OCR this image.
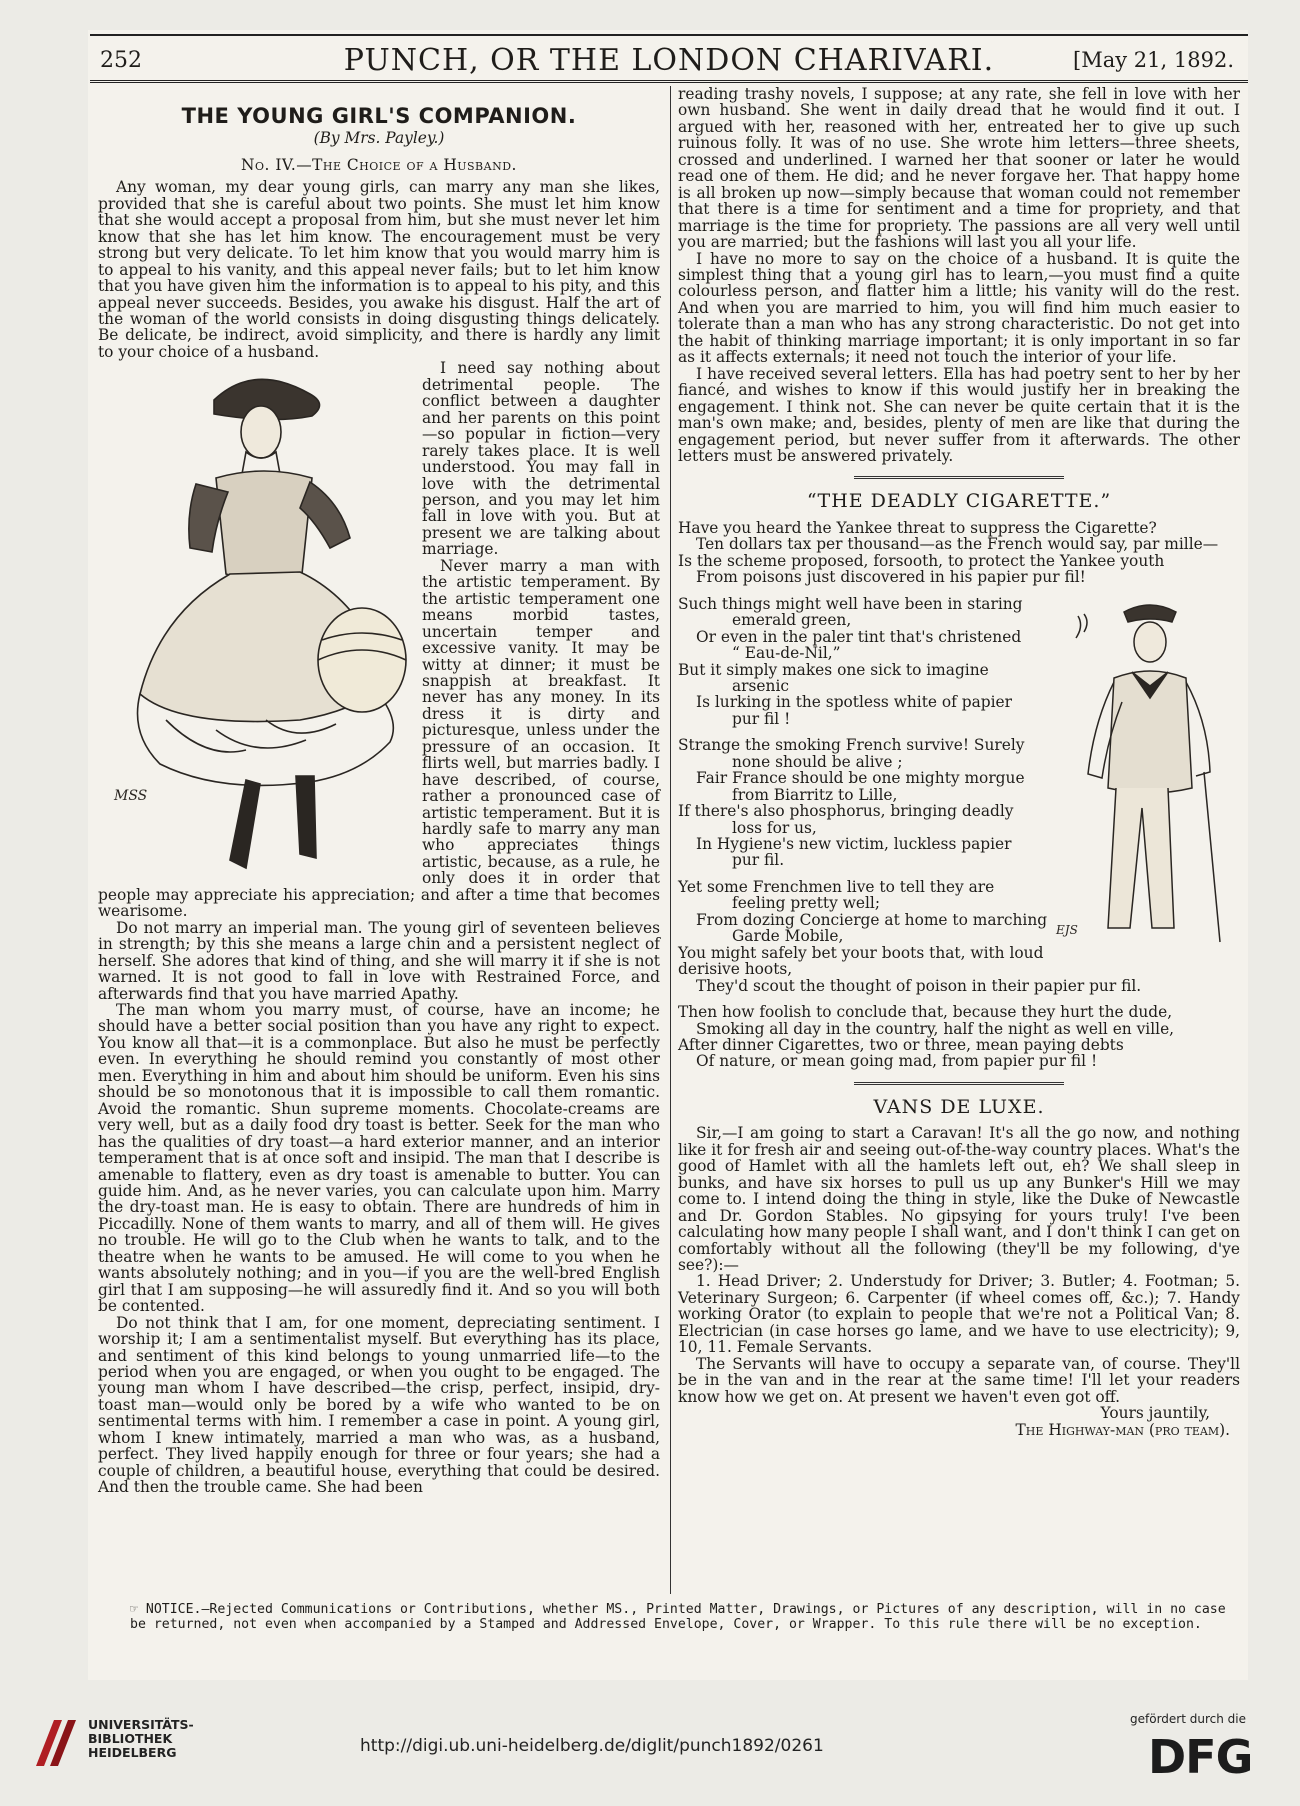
252	PUNCH, OR THE LONDON CHARIVARI.	[May 21, 1892.
THE YOUNG GIRL'S COMPANION.
(By Mrs. Payley.)
No. IV.—The Choice of a Husband.

Any woman, my dear young girls, can marry any man she likes, provided that she is careful about two points. She must let him know that she would accept a proposal from him, but she must never let him know that she has let him know. The encouragement must be very strong but very delicate. To let him know that you would marry him is to appeal to his vanity, and this appeal never fails; but to let him know that you have given him the information is to appeal to his pity, and this appeal never succeeds. Besides, you awake his disgust. Half the art of the woman of the world consists in doing disgusting things delicately. Be delicate, be indirect, avoid simplicity, and there is hardly any limit to your choice of a husband.

MSS

I need say nothing about detrimental people. The conflict between a daughter and her parents on this point—so popular in fiction—very rarely takes place. It is well understood. You may fall in love with the detrimental person, and you may let him fall in love with you. But at present we are talking about marriage.

Never marry a man with the artistic temperament. By the artistic temperament one means morbid tastes, uncertain temper and excessive vanity. It may be witty at dinner; it must be snappish at breakfast. It never has any money. In its dress it is dirty and picturesque, unless under the pressure of an occasion. It flirts well, but marries badly. I have described, of course, rather a pronounced case of artistic temperament. But it is hardly safe to marry any man who appreciates things artistic, because, as a rule, he only does it in order that people may appreciate his appreciation; and after a time that becomes wearisome.

Do not marry an imperial man. The young girl of seventeen believes in strength; by this she means a large chin and a persistent neglect of herself. She adores that kind of thing, and she will marry it if she is not warned. It is not good to fall in love with Restrained Force, and afterwards find that you have married Apathy.

The man whom you marry must, of course, have an income; he should have a better social position than you have any right to expect. You know all that—it is a commonplace. But also he must be perfectly even. In everything he should remind you constantly of most other men. Everything in him and about him should be uniform. Even his sins should be so monotonous that it is impossible to call them romantic. Avoid the romantic. Shun supreme moments. Chocolate-creams are very well, but as a daily food dry toast is better. Seek for the man who has the qualities of dry toast—a hard exterior manner, and an interior temperament that is at once soft and insipid. The man that I describe is amenable to flattery, even as dry toast is amenable to butter. You can guide him. And, as he never varies, you can calculate upon him. Marry the dry-toast man. He is easy to obtain. There are hundreds of him in Piccadilly. None of them wants to marry, and all of them will. He gives no trouble. He will go to the Club when he wants to talk, and to the theatre when he wants to be amused. He will come to you when he wants absolutely nothing; and in you—if you are the well-bred English girl that I am supposing—he will assuredly find it. And so you will both be contented.

Do not think that I am, for one moment, depreciating sentiment. I worship it; I am a sentimentalist myself. But everything has its place, and sentiment of this kind belongs to young unmarried life—to the period when you are engaged, or when you ought to be engaged. The young man whom I have described—the crisp, perfect, insipid, dry-toast man—would only be bored by a wife who wanted to be on sentimental terms with him. I remember a case in point. A young girl, whom I knew intimately, married a man who was, as a husband, perfect. They lived happily enough for three or four years; she had a couple of children, a beautiful house, everything that could be desired. And then the trouble came. She had been

reading trashy novels, I suppose; at any rate, she fell in love with her own husband. She went in daily dread that he would find it out. I argued with her, reasoned with her, entreated her to give up such ruinous folly. It was of no use. She wrote him letters—three sheets, crossed and underlined. I warned her that sooner or later he would read one of them. He did; and he never forgave her. That happy home is all broken up now—simply because that woman could not remember that there is a time for sentiment and a time for propriety, and that marriage is the time for propriety. The passions are all very well until you are married; but the fashions will last you all your life.

I have no more to say on the choice of a husband. It is quite the simplest thing that a young girl has to learn,—you must find a quite colourless person, and flatter him a little; his vanity will do the rest. And when you are married to him, you will find him much easier to tolerate than a man who has any strong characteristic. Do not get into the habit of thinking marriage important; it is only important in so far as it affects externals; it need not touch the interior of your life.

I have received several letters. Ella has had poetry sent to her by her fiancé, and wishes to know if this would justify her in breaking the engagement. I think not. She can never be quite certain that it is the man's own make; and, besides, plenty of men are like that during the engagement period, but never suffer from it afterwards. The other letters must be answered privately.

“THE DEADLY CIGARETTE.”

Have you heard the Yankee threat to suppress the Cigarette?

Ten dollars tax per thousand—as the French would say, par mille—

Is the scheme proposed, forsooth, to protect the Yankee youth

From poisons just discovered in his papier pur fil!

EJS

Such things might well have been in staring

emerald green,

Or even in the paler tint that's christened

“ Eau-de-Nil,”

But it simply makes one sick to imagine

arsenic

Is lurking in the spotless white of papier

pur fil !

Strange the smoking French survive! Surely

none should be alive ;

Fair France should be one mighty morgue

from Biarritz to Lille,

If there's also phosphorus, bringing deadly

loss for us,

In Hygiene's new victim, luckless papier

pur fil.

Yet some Frenchmen live to tell they are

feeling pretty well;

From dozing Concierge at home to marching

Garde Mobile,

You might safely bet your boots that, with loud derisive hoots,

They'd scout the thought of poison in their papier pur fil.

Then how foolish to conclude that, because they hurt the dude,

Smoking all day in the country, half the night as well en ville,

After dinner Cigarettes, two or three, mean paying debts

Of nature, or mean going mad, from papier pur fil !

VANS DE LUXE.

Sir,—I am going to start a Caravan! It's all the go now, and nothing like it for fresh air and seeing out-of-the-way country places. What's the good of Hamlet with all the hamlets left out, eh? We shall sleep in bunks, and have six horses to pull us up any Bunker's Hill we may come to. I intend doing the thing in style, like the Duke of Newcastle and Dr. Gordon Stables. No gipsying for yours truly! I've been calculating how many people I shall want, and I don't think I can get on comfortably without all the following (they'll be my following, d'ye see?):—

1. Head Driver; 2. Understudy for Driver; 3. Butler; 4. Footman; 5. Veterinary Surgeon; 6. Carpenter (if wheel comes off, &c.); 7. Handy working Orator (to explain to people that we're not a Political Van; 8. Electrician (in case horses go lame, and we have to use electricity); 9, 10, 11. Female Servants.

The Servants will have to occupy a separate van, of course. They'll be in the van and in the rear at the same time! I'll let your readers know how we get on. At present we haven't even got off.

Yours jauntily,
The Highway-man (pro team).
☞ NOTICE.—Rejected Communications or Contributions, whether MS., Printed Matter, Drawings, or Pictures of any description, will in no case be returned, not even when accompanied by a Stamped and Addressed Envelope, Cover, or Wrapper. To this rule there will be no exception.
UNIVERSITÄTS-
BIBLIOTHEK
HEIDELBERG	http://digi.ub.uni-heidelberg.de/diglit/punch1892/0261
gefördert durch die
DFG
